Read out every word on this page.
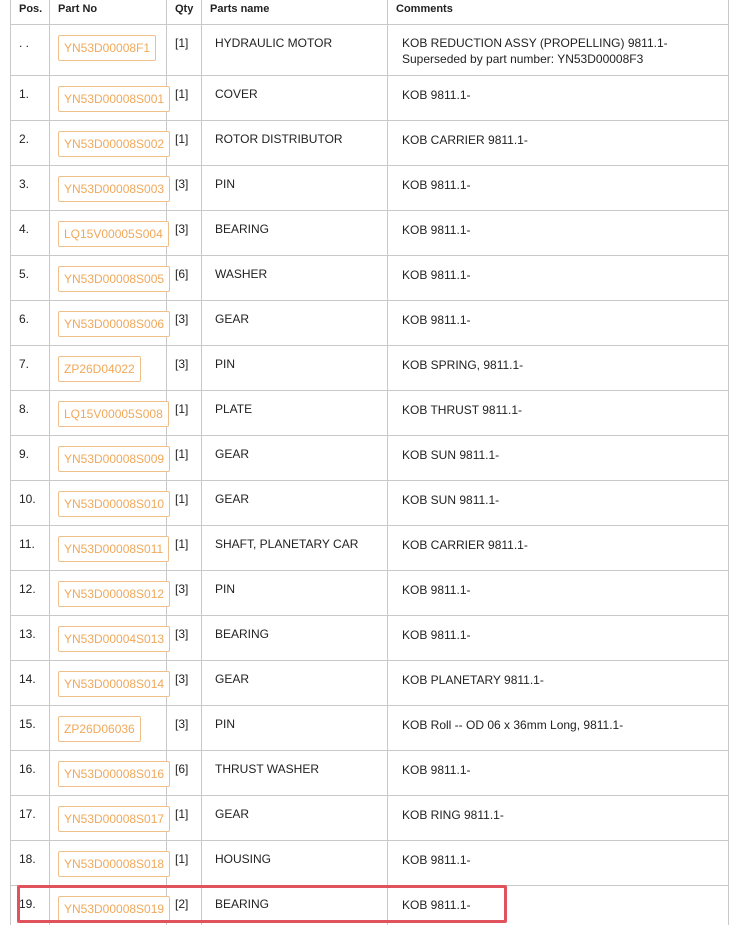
Pos.	Part No	Qty	Parts name	Comments
. .	YN53D00008F1	[1]	HYDRAULIC MOTOR	KOB REDUCTION ASSY (PROPELLING) 9811.1- Superseded by part number: YN53D00008F3
1.	YN53D00008S001	[1]	COVER	KOB 9811.1-
2.	YN53D00008S002	[1]	ROTOR DISTRIBUTOR	KOB CARRIER 9811.1-
3.	YN53D00008S003	[3]	PIN	KOB 9811.1-
4.	LQ15V00005S004	[3]	BEARING	KOB 9811.1-
5.	YN53D00008S005	[6]	WASHER	KOB 9811.1-
6.	YN53D00008S006	[3]	GEAR	KOB 9811.1-
7.	ZP26D04022	[3]	PIN	KOB SPRING, 9811.1-
8.	LQ15V00005S008	[1]	PLATE	KOB THRUST 9811.1-
9.	YN53D00008S009	[1]	GEAR	KOB SUN 9811.1-
10.	YN53D00008S010	[1]	GEAR	KOB SUN 9811.1-
11.	YN53D00008S011	[1]	SHAFT, PLANETARY CAR	KOB CARRIER 9811.1-
12.	YN53D00008S012	[3]	PIN	KOB 9811.1-
13.	YN53D00004S013	[3]	BEARING	KOB 9811.1-
14.	YN53D00008S014	[3]	GEAR	KOB PLANETARY 9811.1-
15.	ZP26D06036	[3]	PIN	KOB Roll -- OD 06 x 36mm Long, 9811.1-
16.	YN53D00008S016	[6]	THRUST WASHER	KOB 9811.1-
17.	YN53D00008S017	[1]	GEAR	KOB RING 9811.1-
18.	YN53D00008S018	[1]	HOUSING	KOB 9811.1-
19.	YN53D00008S019	[2]	BEARING	KOB 9811.1-
